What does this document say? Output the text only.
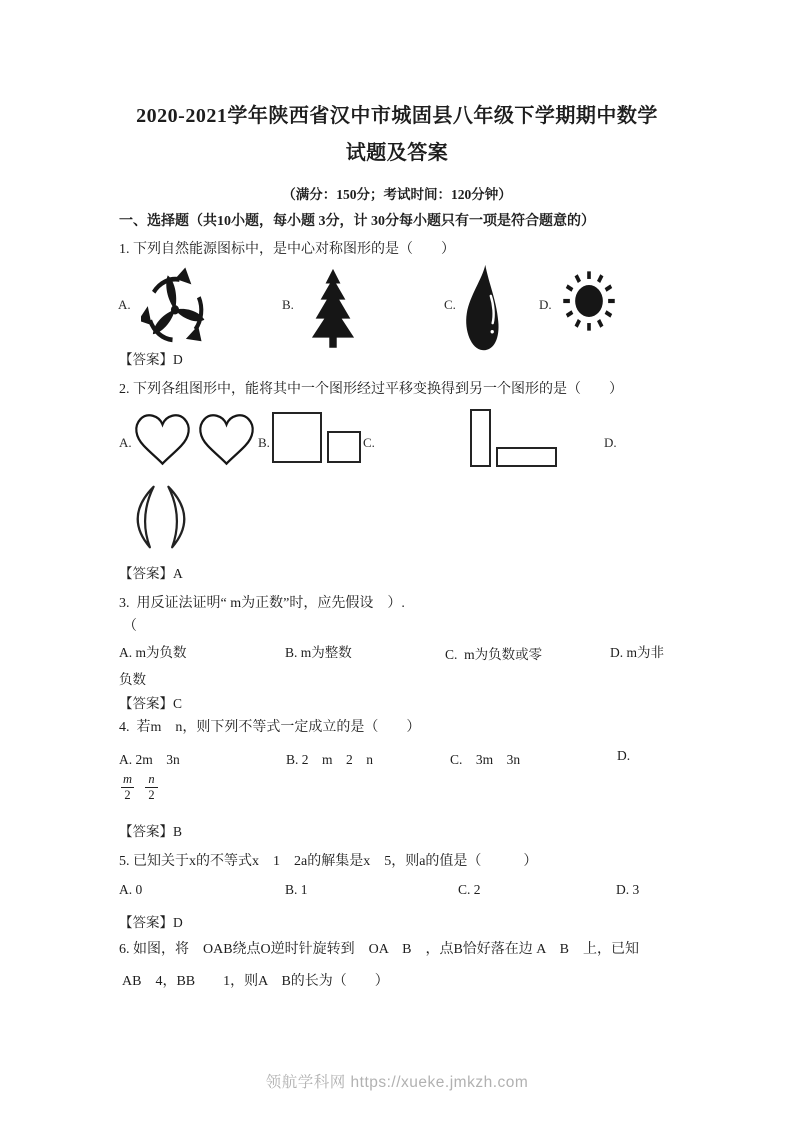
2020-2021学年陕西省汉中市城固县八年级下学期期中数学
试题及答案
（满分：150分；考试时间：120分钟）
一、选择题（共10小题，每小题 3分，计 30分每小题只有一项是符合题意的）
1. 下列自然能源图标中，是中心对称图形的是（　　）
A.	B.	C.	D.
【答案】D
2. 下列各组图形中，能将其中一个图形经过平移变换得到另一个图形的是（　　）
A.	B.	C.	D.
【答案】A
3.  用反证法证明“ m为正数”时，应先假设　）.
（
A. m为负数	B. m为整数	C.  m为负数或零	D. m为非
负数
【答案】C
4.  若m　n，则下列不等式一定成立的是（　　）
A. 2m　3n	B. 2　m　2　n	C.　3m　3n	D.
m
2
n
2
【答案】B
5. 已知关于x的不等式x　1　2a的解集是x　5，则a的值是（　　　）
A. 0	B. 1	C. 2	D. 3
【答案】D
6. 如图，将　OAB绕点O逆时针旋转到　OA　B　，点B恰好落在边 A　B　上，已知
AB　4，BB　　1，则A　B的长为（　　）
领航学科网 https://xueke.jmkzh.com
